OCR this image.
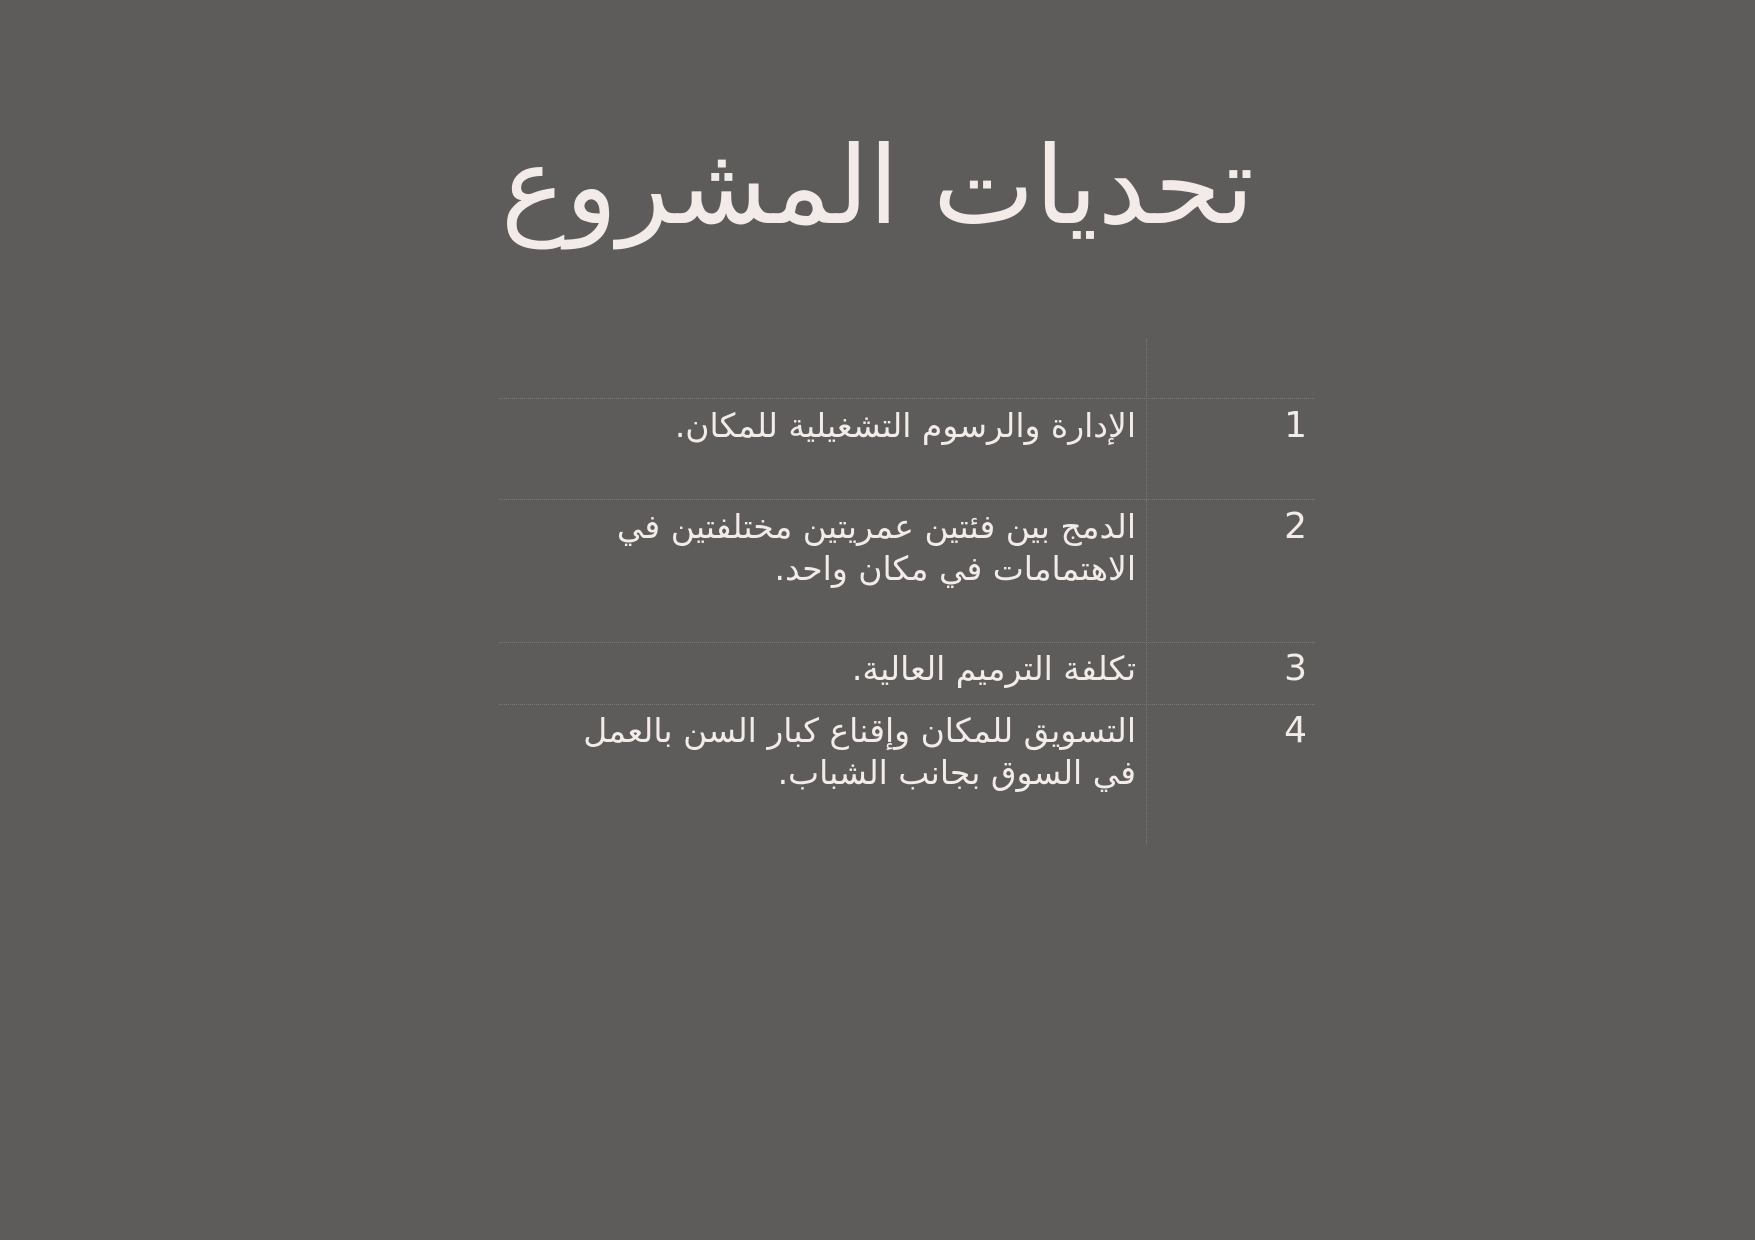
تحديات المشروع
1
الإدارة والرسوم التشغيلية للمكان.
2
الدمج بين فئتين عمريتين مختلفتين في الاهتمامات في مكان واحد.
3
تكلفة الترميم العالية.
4
التسويق للمكان وإقناع كبار السن بالعمل في السوق بجانب الشباب.
